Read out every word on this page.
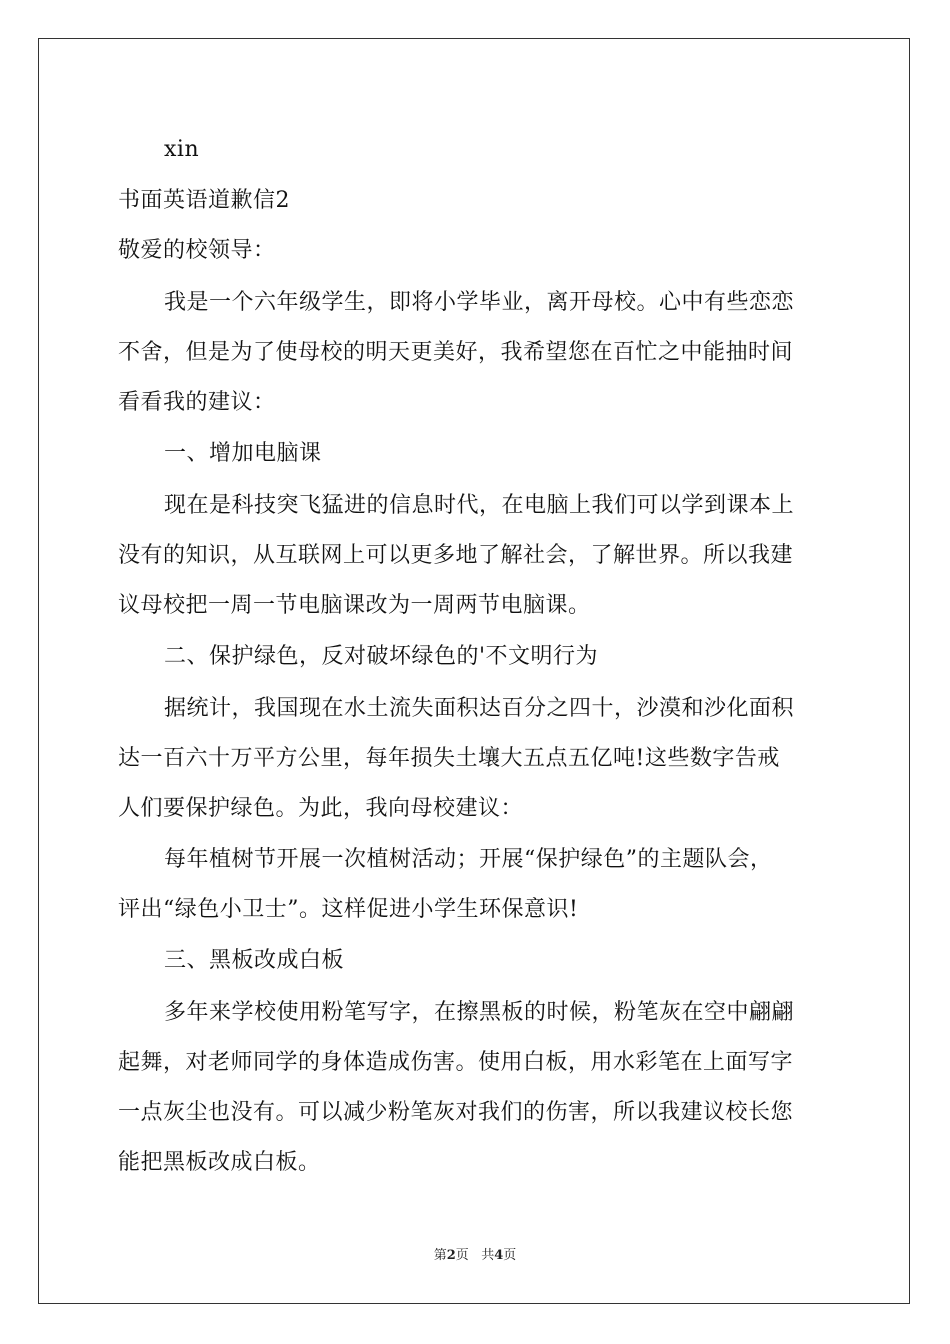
xin
书面英语道歉信2
敬爱的校领导：
我是一个六年级学生，即将小学毕业，离开母校。心中有些恋恋
不舍，但是为了使母校的明天更美好，我希望您在百忙之中能抽时间
看看我的建议：
一、增加电脑课
现在是科技突飞猛进的信息时代，在电脑上我们可以学到课本上
没有的知识，从互联网上可以更多地了解社会，了解世界。所以我建
议母校把一周一节电脑课改为一周两节电脑课。
二、保护绿色，反对破坏绿色的'不文明行为
据统计，我国现在水土流失面积达百分之四十，沙漠和沙化面积
达一百六十万平方公里，每年损失土壤大五点五亿吨!这些数字告戒
人们要保护绿色。为此，我向母校建议：
每年植树节开展一次植树活动；开展“保护绿色”的主题队会，
评出“绿色小卫士”。这样促进小学生环保意识!
三、黑板改成白板
多年来学校使用粉笔写字，在擦黑板的时候，粉笔灰在空中翩翩
起舞，对老师同学的身体造成伤害。使用白板，用水彩笔在上面写字
一点灰尘也没有。可以减少粉笔灰对我们的伤害，所以我建议校长您
能把黑板改成白板。
第2页 共4页
